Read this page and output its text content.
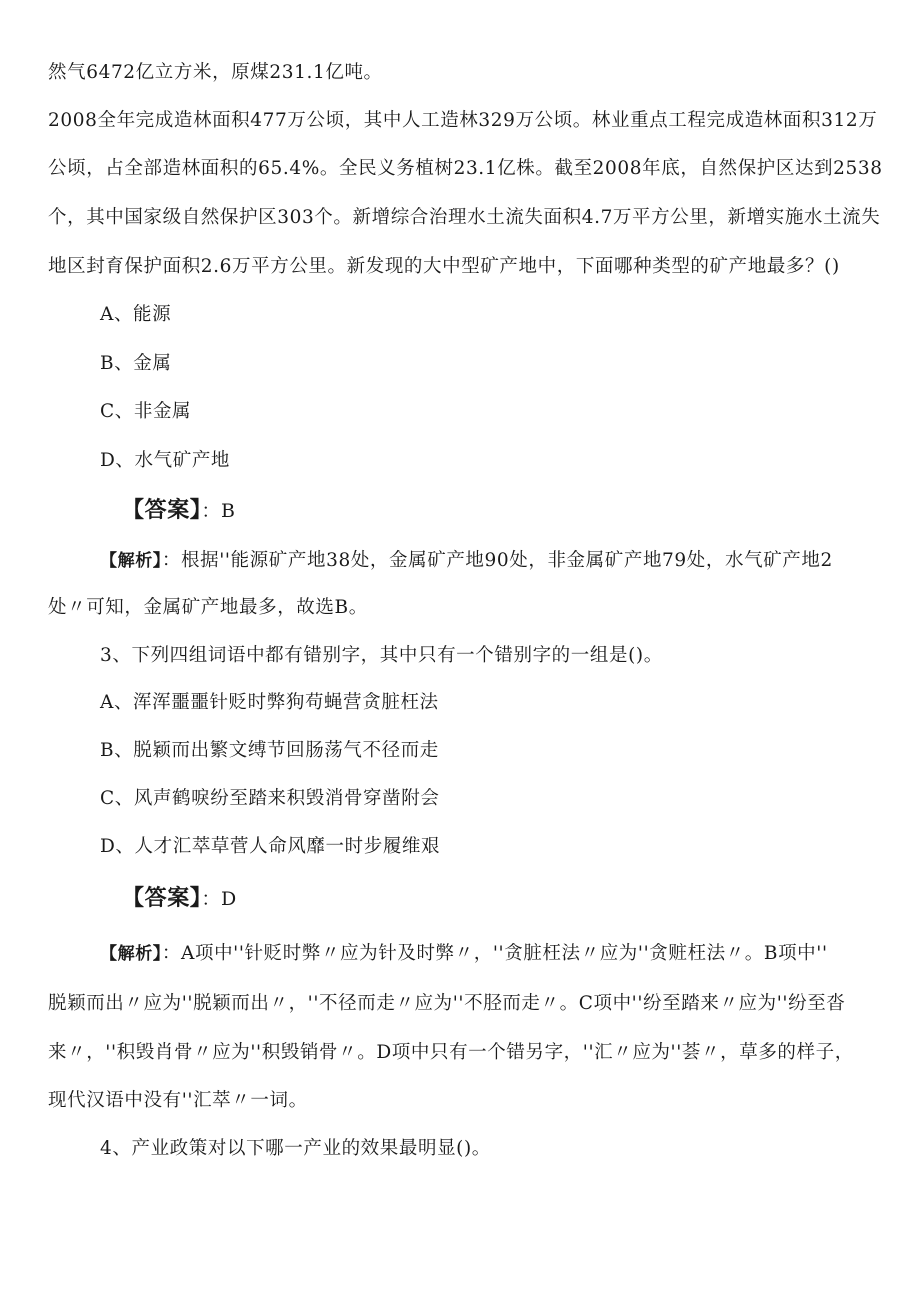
然气6472亿立方米，原煤231.1亿吨。
2008全年完成造林面积477万公顷，其中人工造林329万公顷。林业重点工程完成造林面积312万
公顷，占全部造林面积的65.4%。全民义务植树23.1亿株。截至2008年底，自然保护区达到2538
个，其中国家级自然保护区303个。新增综合治理水土流失面积4.7万平方公里，新增实施水土流失
地区封育保护面积2.6万平方公里。新发现的大中型矿产地中，下面哪种类型的矿产地最多？()
A、能源
B、金属
C、非金属
D、水气矿产地
【答案】：B
【解析】：根据''能源矿产地38处，金属矿产地90处，非金属矿产地79处，水气矿产地2
处〃可知，金属矿产地最多，故选B。
3、下列四组词语中都有错别字，其中只有一个错别字的一组是()。
A、浑浑噩噩针贬时弊狗苟蝇营贪脏枉法
B、脱颖而出繁文缚节回肠荡气不径而走
C、风声鹤唳纷至踏来积毁消骨穿凿附会
D、人才汇萃草菅人命风靡一时步履维艰
【答案】：D
【解析】：A项中''针贬时弊〃应为针及时弊〃，''贪脏枉法〃应为''贪赃枉法〃。B项中''
脱颖而出〃应为''脱颖而出〃，''不径而走〃应为''不胫而走〃。C项中''纷至踏来〃应为''纷至沓
来〃，''积毁肖骨〃应为''积毁销骨〃。D项中只有一个错另字，''汇〃应为''荟〃，草多的样子，
现代汉语中没有''汇萃〃一词。
4、产业政策对以下哪一产业的效果最明显()。
